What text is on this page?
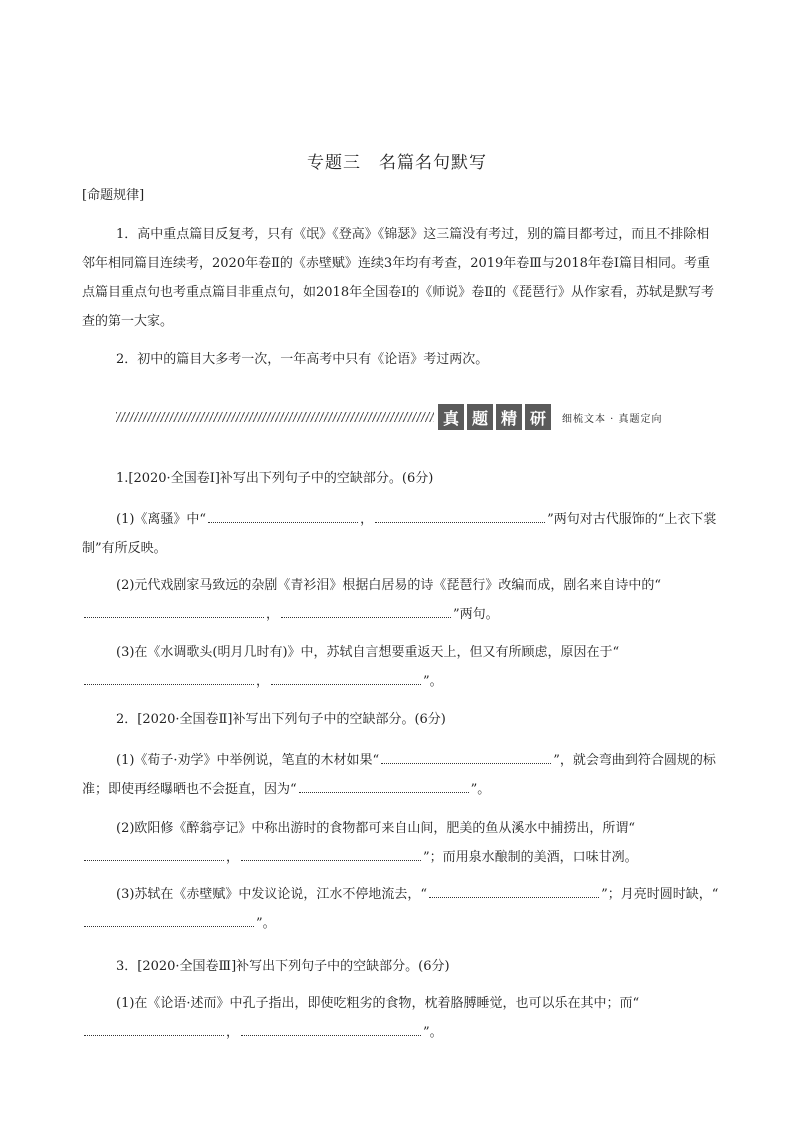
专题三　名篇名句默写

[命题规律]

1．高中重点篇目反复考，只有《氓》《登高》《锦瑟》这三篇没有考过，别的篇目都考过，而且不排除相邻年相同篇目连续考，2020年卷Ⅱ的《赤壁赋》连续3年均有考查，2019年卷Ⅲ与2018年卷Ⅰ篇目相同。考重点篇目重点句也考重点篇目非重点句，如2018年全国卷Ⅰ的《师说》卷Ⅱ的《琵琶行》从作家看，苏轼是默写考查的第一大家。

2．初中的篇目大多考一次，一年高考中只有《论语》考过两次。

真 题 精 研	细梳文本 · 真题定向

1.[2020·全国卷Ⅰ]补写出下列句子中的空缺部分。(6分)

(1)《离骚》中“	，	”两句对古代服饰的“上衣下裳制”有所反映。

(2)元代戏剧家马致远的杂剧《青衫泪》根据白居易的诗《琵琶行》改编而成，剧名来自诗中的“，	”两句。

(3)在《水调歌头(明月几时有)》中，苏轼自言想要重返天上，但又有所顾虑，原因在于“，	”。

2．[2020·全国卷Ⅱ]补写出下列句子中的空缺部分。(6分)

(1)《荀子·劝学》中举例说，笔直的木材如果“	”，就会弯曲到符合圆规的标准；即使再经曝晒也不会挺直，因为“	”。

(2)欧阳修《醉翁亭记》中称出游时的食物都可来自山间，肥美的鱼从溪水中捕捞出，所谓“，	”；而用泉水酿制的美酒，口味甘冽。

(3)苏轼在《赤壁赋》中发议论说，江水不停地流去，“	”；月亮时圆时缺，“”。

3．[2020·全国卷Ⅲ]补写出下列句子中的空缺部分。(6分)

(1)在《论语·述而》中孔子指出，即使吃粗劣的食物，枕着胳膊睡觉，也可以乐在其中；而“，	”。
